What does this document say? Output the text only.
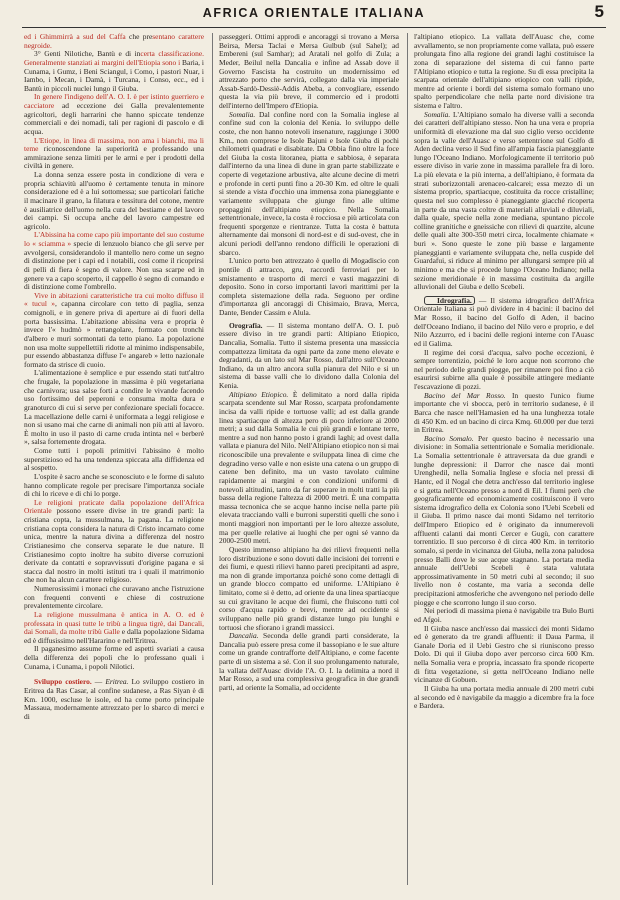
AFRICA ORIENTALE ITALIANA	5

ed i Ghimmirrà a sud del Caffa che presentano carattere negroide.

3° Genti Nilotiche, Bantù e di incerta classificazione. Generalmente stanziati ai margini dell'Etiopia sono i Baria, i Cunama, i Gumz, i Beni Sciangul, i Como, i pastori Nuar, i Iambo, i Mecan, i Damà, i Turcana, i Conso, ecc., ed i Bantù in piccoli nuclei lungo il Giuba.

In genere l'indigeno dell'A. O. I. è per istinto guerriero e cacciatore ad eccezione dei Galla prevalentemente agricoltori, degli harrarini che hanno spiccate tendenze commerciali e dei nomadi, tali per ragioni di pascolo e di acqua.

L'Etiope, in linea di massima, non ama i bianchi, ma li teme riconoscendone la superiorità e professando una ammirazione senza limiti per le armi e per i prodotti della civiltà in genere.

La donna senza essere posta in condizione di vera e propria schiavitù all'uomo è certamente tenuta in minore considerazione ed è a lui sottomessa; sue particolari fatiche il macinare il grano, la filatura e tessitura del cotone, mentre è ausiliatrice dell'uomo nella cura del bestiame e del lavoro dei campi. Si occupa anche del lavoro campestre ed agricolo.

L'Abissina ha come capo più importante del suo costume lo « sciamma » specie di lenzuolo bianco che gli serve per avvolgersi, considerandolo il mantello nero come un segno di distinzione per i capi ed i notabili, così come il ricoprirsi di pelli di fiera è segno di valore. Non usa scarpe ed in genere va a capo scoperto, il cappello è segno di comando e di distinzione come l'ombrello.

Vive in abitazioni caratteristiche tra cui molto diffuso il « tucul », capanna circolare con tetto di paglia, senza comignoli, e in genere priva di aperture ai di fuori della porta bassissima. L'abitazione abissina vera e propria è invece l'« hudmò » rettangolare, formato con tronchi d'albero e muri sormontati da tetto piano. La popolazione non usa molte suppellettili ridotte al minimo indispensabile, pur essendo abbastanza diffuse l'« angareb » letto nazionale formato da strisce di cuoio.

L'alimentazione è semplice e pur essendo stati tutt'altro che frugale, la popolazione in massima è più vegetariana che carnivora; usa salse forti a condire le vivande facendo uso fortissimo del peperoni e consuma molta dura e granoturco di cui si serve per confezionare speciali focacce. La macellazione delle carni è uniformata a leggi religiose e non si usano mai che carne di animali non più atti al lavoro. È molto in uso il pasto di carne cruda intinta nel « berberè », salsa fortemente drogata.

Come tutti i popoli primitivi l'abissino è molto superstizioso ed ha una tendenza spiccata alla diffidenza ed al sospetto.

L'ospite è sacro anche se sconosciuto e le forme di saluto hanno complicate regole per precisare l'importanza sociale di chi lo riceve e di chi lo porge.

Le religioni praticate dalla popolazione dell'Africa Orientale possono essere divise in tre grandi parti: la cristiana copta, la mussulmana, la pagana. La religione cristiana copta considera la natura di Cristo incarnato come unica, mentre la natura divina a differenza del nostro Cristianesimo che conserva separate le due nature. Il Cristianesimo copto inoltre ha subito diverse corruzioni derivate da contatti e sopravvissuti d'origine pagana e si stacca dal nostro in molti istituti tra i quali il matrimonio che non ha alcun carattere religioso.

Numerosissimi i monaci che curavano anche l'istruzione con frequenti conventi e chiese di costruzione prevalentemente circolare.

La religione mussulmana è antica in A. O. ed è professata in quasi tutte le tribù a lingua tigrè, dai Dancali, dai Somali, da molte tribù Galle e dalla popolazione Sidama ed è diffusissimo nell'Hararino e nell'Eritrea.

Il paganesimo assume forme ed aspetti svariati a causa della differenza dei popoli che lo professano quali i Cunama, i Cunama, i popoli Nilotici.

Sviluppo costiero. — Eritrea. Lo sviluppo costiero in Eritrea da Ras Casar, al confine sudanese, a Ras Siyan è di Km. 1000, escluse le isole, ed ha come porto principale Massaua, modernamente attrezzato per lo sbarco di merci e di

passeggeri. Ottimi approdi e ancoraggi si trovano a Mersa Beirsa, Mersa Taclai e Mersa Gulbub (sul Sahel); ad Embereni (sul Samhar); ad Aratali nel golfo di Zula; a Meder, Beilul nella Dancalia e infine ad Assab dove il Governo Fascista ha costruito un modernissimo ed attrezzato porto che servirà, collegato dalla via imperiale Assab-Sardò-Dessiè-Addis Abeba, a convogliare, essendo questa la via più breve, il commercio ed i prodotti dell'interno dell'Impero d'Etiopia.

Somalia. Dal confine nord con la Somalia inglese al confine sud con la colonia del Kenia. lo sviluppo delle coste, che non hanno notevoli insenature, raggiunge i 3000 Km., non comprese le Isole Bajuni e Isole Giuba di pochi chilometri quadrati e disabitate. Da Obbia fino oltre la foce del Giuba la costa litoranea, piatta e sabbiosa, è separata dall'interno da una linea di dune in gran parte stabilizzate e coperte di vegetazione arbustiva, alte alcune decine di metri e profonde in certi punti fino a 20-30 Km. ed oltre le quali si stende a vista d'occhio una immensa zona pianeggiante e variamente sviluppata che giunge fino alle ultime propaggini dell'altipiano etiopico. Nella Somalia settentrionale, invece, la costa è rocciosa e più articolata con frequenti sporgenze e rientranze. Tutta la costa è battuta alternamente dai monsoni di nord-est e di sud-ovest, che in alcuni periodi dell'anno rendono difficili le operazioni di sbarco.

L'unico porto ben attrezzato è quello di Mogadiscio con pontile di attracco, gru, raccordi ferroviari per lo smistamento e trasporto di merci e vasti magazzini di deposito. Sono in corso importanti lavori marittimi per la completa sistemazione della rada. Seguono per ordine d'importanza gli ancoraggi di Chisimaio, Brava, Merca, Dante, Bender Cassim e Alula.

Orografia. — Il sistema montano dell'A. O. I. può essere diviso in tre grandi parti: Altipiano Etiopico, Dancalia, Somalia. Tutto il sistema presenta una massiccia compattezza limitata da ogni parte da zone meno elevate e degradanti, da un lato sul Mar Rosso, dall'altro sull'Oceano Indiano, da un altro ancora sulla pianura del Nilo e si un sistema di basse valli che lo dividono dalla Colonia del Kenia.

Altipiano Etiopico. È delimitato a nord dalla ripida scarpata scendente sul Mar Rosso, scarpata profondamente incisa da valli ripide e tortuose valli; ad est dalla grande linea spartiacque di altezza pero di poco inferiore ai 2000 metri; a sud dalla Somalia le cui più grandi e lontane terre, mentre a sud non hanno posto i grandi laghi; ad ovest dalla vallata e pianura del Nilo. Nell'Altipiano etiopico non si mai riconoscibile una prevalente e sviluppata linea di cime che degradino verso valle e non esiste una catena o un gruppo di catene ben definito, ma un vasto tavolato culmine rapidamente ai margini e con condizioni uniformi di notevoli altitudini, tanto da far superare in molti tratti la più bassa della regione l'altezza di 2000 metri. È una compatta massa tecnonica che se acque hanno incise nella parte più elevata tracciando valli e burroni superstiti quelli che sono i monti maggiori non importanti per le loro altezze assolute, ma per quelle relative ai luoghi che per ogni sé vanno da 2000-2500 metri.

Questo immenso altipiano ha dei rilievi frequenti nella loro distribuzione e sono dovuti dalle incisioni dei torrenti e dei fiumi, e questi rilievi hanno pareti precipitanti ad aspre, ma non di grande importanza poiché sono come dettagli di un grande blocco compatto ed uniforme. L'Altipiano è limitato, come si è detto, ad oriente da una linea spartiacque su cui gravitano le acque dei fiumi, che fluiscono tutti col corso d'acqua rapido e brevi, mentre ad occidente si sviluppano nelle più grandi distanze lungo piu lunghi e tortuosi che sfiorano i grandi massicci.

Dancalia. Seconda delle grandi parti considerate, la Dancalia può essere presa come il bassopiano e le sue alture come un grande contrafforte dell'Altipiano, e come facente parte di un sistema a sé. Con il suo prolungamento naturale, la vallata dell'Auasc divide l'A. O. I. la delimita a nord il Mar Rosso, a sud una complessiva geografica in due grandi parti, ad oriente la Somalia, ad occidente

l'altipiano etiopico. La vallata dell'Auasc che, come avvallamento, se non propriamente come vallata, può essere prolungata fino alla regione dei grandi laghi costituisce la zona di separazione del sistema di cui fanno parte l'Altipiano etiopico e tutta la regione. Su di essa precipita la scarpata orientale dell'altipiano etiopico con valli ripide, mentre ad oriente i bordi del sistema somalo formano uno spalto perpendicolare che nella parte nord divisione tra sistema e l'altro.

Somalia. L'Altipiano somalo ha diverse valli a seconda dei caratteri dell'altipiano stesso. Non ha una vera e propria uniformità di elevazione ma dal suo ciglio verso occidente sopra la valle dell'Auasc e verso settentrione sul Golfo di Aden declina verso il Sud fino all'ampia fascia pianeggiante lungo l'Oceano Indiano. Morfologicamente il territorio può essere diviso in varie zone in massima parallele fra di loro. La più elevata e la più interna, a dell'altipiano, è formata da strati suborizzontali arenaceo-calcarei; essa mezzo di un sistema proprio, spartiacque, costituita da rocce cristalline; questa nel suo complesso è pianeggiante giacché ricoperta in parte da una vasta coltre di materiali alluviali e diluviali, dalla quale, specie nella zone mediana, spuntano piccole colline granitiche e gneissiche con rilievi di quarzite, alcune delle quali alte 300-350 metri circa, localmente chiamate « buri ». Sono queste le zone più basse e largamente pianeggianti e variamente sviluppata che, nella cuspide del Guardafui, si riduce al minimo per allungarsi sempre più al minimo e ma che si procede lungo l'Oceano Indiano; nella sezione meridionale è in massima costituita da argille alluvionali del Giuba e dello Scebeli.

Idrografia. — Il sistema idrografico dell'Africa Orientale Italiana si può dividere in 4 bacini: il bacino del Mar Rosso, il bacino del Golfo di Aden, il bacino dell'Oceano Indiano, il bacino del Nilo vero e proprio, e del Nilo Azzurro, ed i bacini delle regioni interne con l'Auasc ed il Galima.

Il regime dei corsi d'acqua, salvo poche eccezioni, è sempre torrentizio, poiché le loro acque non scorrono che nel periodo delle grandi piogge, per rimanere poi fino a ciò esaurirsi subirne alla quale è possibile attingere mediante l'escavazione di pozzi.

Bacino del Mar Rosso. In questo l'unico fiume importante che vi sbocca, però in territorio sudanese, è il Barca che nasce nell'Hamasien ed ha una lunghezza totale di 450 Km. ed un bacino di circa Kmq. 60.000 per due terzi in Eritrea.

Bacino Somalo. Per questo bacino è necessario una divisione: in Somalia settentrionale e Somalia meridionale. La Somalia settentrionale è attraversata da due grandi e lunghe depressioni: il Darror che nasce dai monti Urenghedil, nella Somalia Inglese e sfocia nel pressi di Hantc, ed il Nogal che detra anch'esso dal territorio inglese e si getta nell'Oceano presso a nord di Eil. I fiumi però che geograficamente ed economicamente costituiscono il vero sistema idrografico della ex Colonia sono l'Uebi Scebeli ed il Giuba. Il primo nasce dai monti Sidamo nel territorio dell'Impero Etiopico ed è originato da innumerevoli affluenti calanti dai monti Cercer e Gugù, con carattere torrentizio. Il suo percorso è di circa 400 Km. in territorio somalo, si perde in vicinanza del Giuba, nella zona paludosa presso Balli dove le sue acque stagnano. La portata media annuale dell'Uebi Scebeli è stata valutata approssimativamente in 50 metri cubi al secondo; il suo livello non è costante, ma varia a seconda delle precipitazioni atmosferiche che avvengono nel periodo delle piogge e che scorrono lungo il suo corso.

Nei periodi di massima piena è navigabile tra Bulo Burti ed Afgoi.

Il Giuba nasce anch'esso dai massicci dei monti Sidamo ed è generato da tre grandi affluenti: il Daua Parma, il Ganale Doria ed il Uebi Gestro che si riuniscono presso Dolo. Di qui il Giuba dopo aver percorso circa 600 Km. nella Somalia vera e propria, incassato fra sponde ricoperte di fitta vegetazione, si getta nell'Oceano Indiano nelle vicinanze di Gobuen.

Il Giuba ha una portata media annuale di 200 metri cubi al secondo ed è navigabile da maggio a dicembre fra la foce e Bardera.
